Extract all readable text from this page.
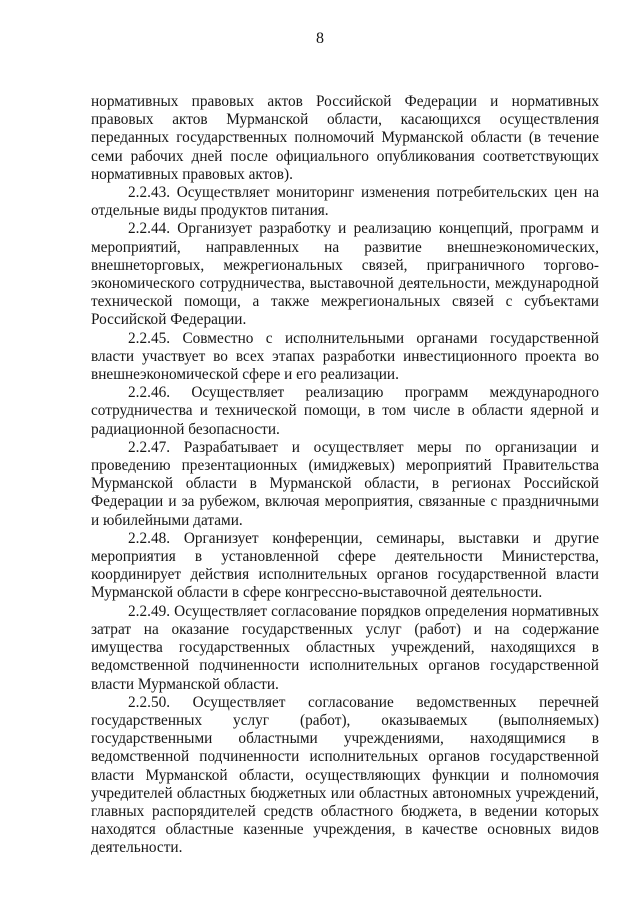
8

нормативных правовых актов Российской Федерации и нормативных правовых актов Мурманской области, касающихся осуществления переданных государственных полномочий Мурманской области (в течение семи рабочих дней после официального опубликования соответствующих нормативных правовых актов).

2.2.43. Осуществляет мониторинг изменения потребительских цен на отдельные виды продуктов питания.

2.2.44. Организует разработку и реализацию концепций, программ и мероприятий, направленных на развитие внешнеэкономических, внешнеторговых, межрегиональных связей, приграничного торгово-экономического сотрудничества, выставочной деятельности, международной технической помощи, а также межрегиональных связей с субъектами Российской Федерации.

2.2.45. Совместно с исполнительными органами государственной власти участвует во всех этапах разработки инвестиционного проекта во внешнеэкономической сфере и его реализации.

2.2.46. Осуществляет реализацию программ международного сотрудничества и технической помощи, в том числе в области ядерной и радиационной безопасности.

2.2.47. Разрабатывает и осуществляет меры по организации и проведению презентационных (имиджевых) мероприятий Правительства Мурманской области в Мурманской области, в регионах Российской Федерации и за рубежом, включая мероприятия, связанные с праздничными и юбилейными датами.

2.2.48. Организует конференции, семинары, выставки и другие мероприятия в установленной сфере деятельности Министерства, координирует действия исполнительных органов государственной власти Мурманской области в сфере конгрессно-выставочной деятельности.

2.2.49. Осуществляет согласование порядков определения нормативных затрат на оказание государственных услуг (работ) и на содержание имущества государственных областных учреждений, находящихся в ведомственной подчиненности исполнительных органов государственной власти Мурманской области.

2.2.50. Осуществляет согласование ведомственных перечней государственных услуг (работ), оказываемых (выполняемых) государственными областными учреждениями, находящимися в ведомственной подчиненности исполнительных органов государственной власти Мурманской области, осуществляющих функции и полномочия учредителей областных бюджетных или областных автономных учреждений, главных распорядителей средств областного бюджета, в ведении которых находятся областные казенные учреждения, в качестве основных видов деятельности.
